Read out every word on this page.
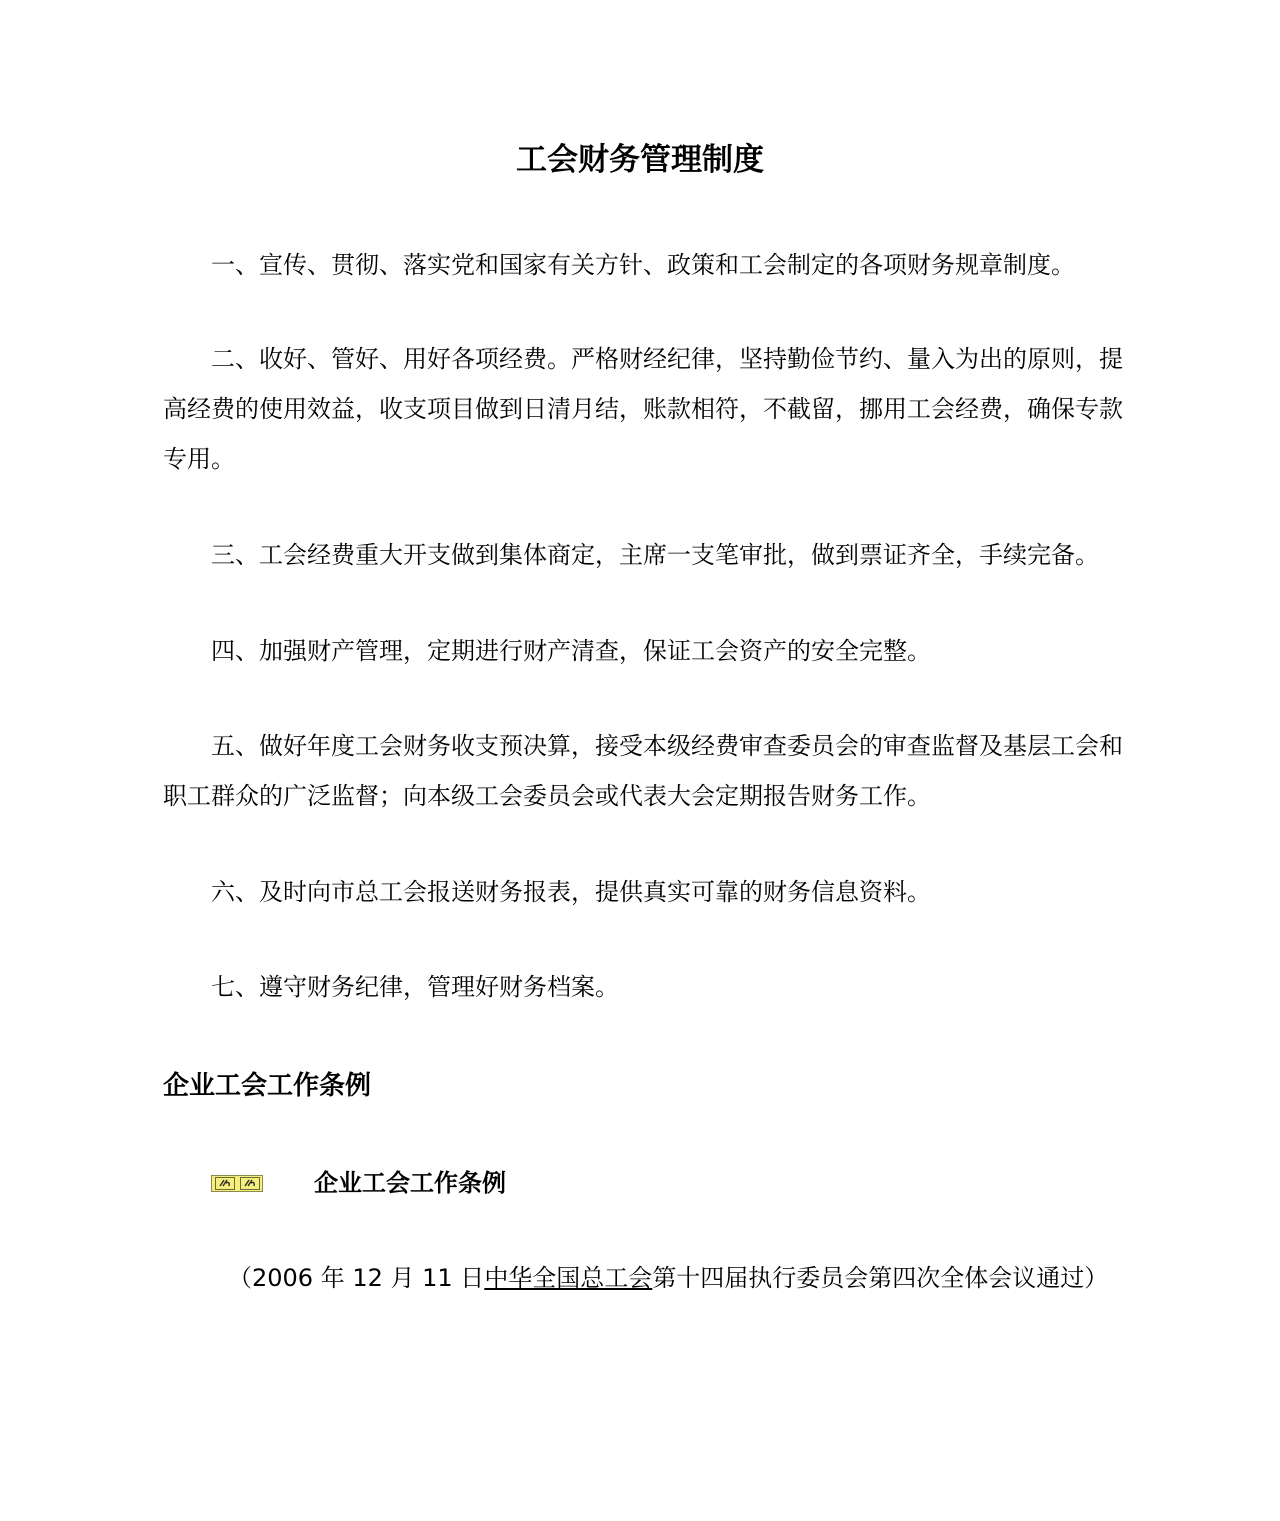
工会财务管理制度

一、宣传、贯彻、落实党和国家有关方针、政策和工会制定的各项财务规章制度。

二、收好、管好、用好各项经费。严格财经纪律，坚持勤俭节约、量入为出的原则，提高经费的使用效益，收支项目做到日清月结，账款相符，不截留，挪用工会经费，确保专款专用。

三、工会经费重大开支做到集体商定，主席一支笔审批，做到票证齐全，手续完备。

四、加强财产管理，定期进行财产清查，保证工会资产的安全完整。

五、做好年度工会财务收支预决算，接受本级经费审查委员会的审查监督及基层工会和职工群众的广泛监督；向本级工会委员会或代表大会定期报告财务工作。

六、及时向市总工会报送财务报表，提供真实可靠的财务信息资料。

七、遵守财务纪律，管理好财务档案。

企业工会工作条例
企业工会工作条例
（2006 年 12 月 11 日中华全国总工会第十四届执行委员会第四次全体会议通过）
